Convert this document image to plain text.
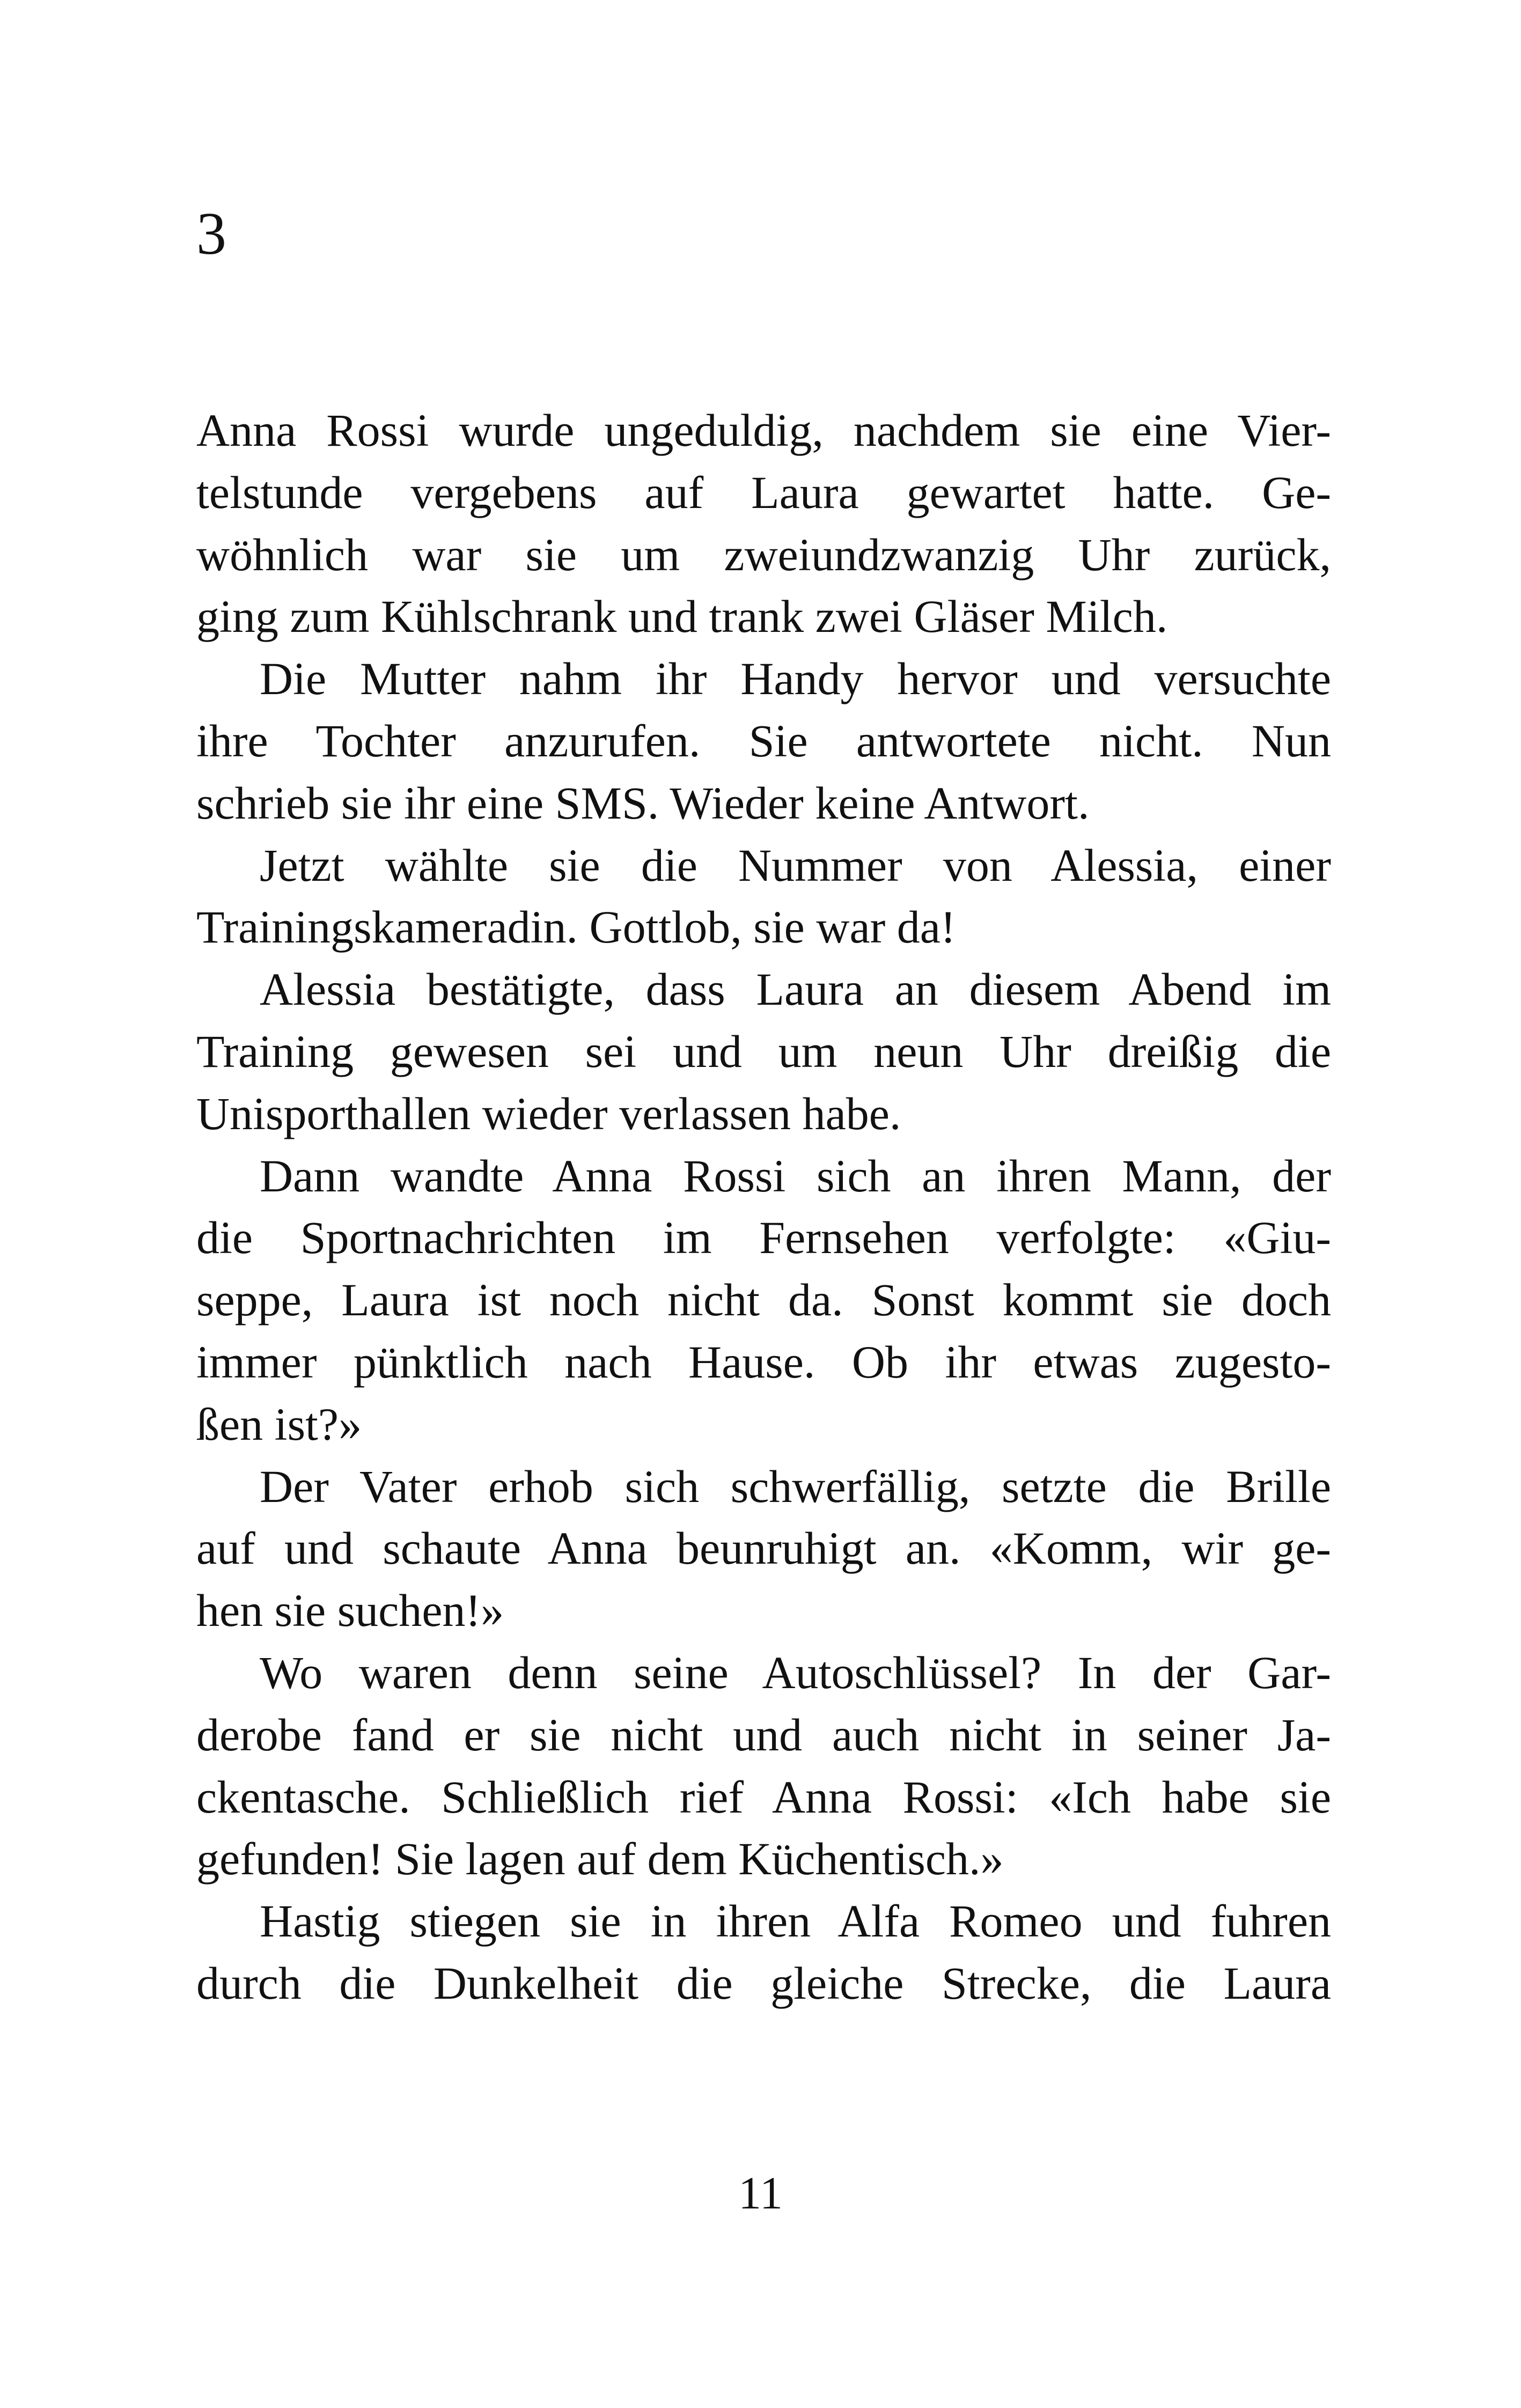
3
Anna Rossi wurde ungeduldig, nachdem sie eine Vier-
telstunde vergebens auf Laura gewartet hatte. Ge-
wöhnlich war sie um zweiundzwanzig Uhr zurück,
ging zum Kühlschrank und trank zwei Gläser Milch.
Die Mutter nahm ihr Handy hervor und versuchte
ihre Tochter anzurufen. Sie antwortete nicht. Nun
schrieb sie ihr eine SMS. Wieder keine Antwort.
Jetzt wählte sie die Nummer von Alessia, einer
Trainingskameradin. Gottlob, sie war da!
Alessia bestätigte, dass Laura an diesem Abend im
Training gewesen sei und um neun Uhr dreißig die
Unisporthallen wieder verlassen habe.
Dann wandte Anna Rossi sich an ihren Mann, der
die Sportnachrichten im Fernsehen verfolgte: «Giu-
seppe, Laura ist noch nicht da. Sonst kommt sie doch
immer pünktlich nach Hause. Ob ihr etwas zugesto-
ßen ist?»
Der Vater erhob sich schwerfällig, setzte die Brille
auf und schaute Anna beunruhigt an. «Komm, wir ge-
hen sie suchen!»
Wo waren denn seine Autoschlüssel? In der Gar-
derobe fand er sie nicht und auch nicht in seiner Ja-
ckentasche. Schließlich rief Anna Rossi: «Ich habe sie
gefunden! Sie lagen auf dem Küchentisch.»
Hastig stiegen sie in ihren Alfa Romeo und fuhren
durch die Dunkelheit die gleiche Strecke, die Laura
11
